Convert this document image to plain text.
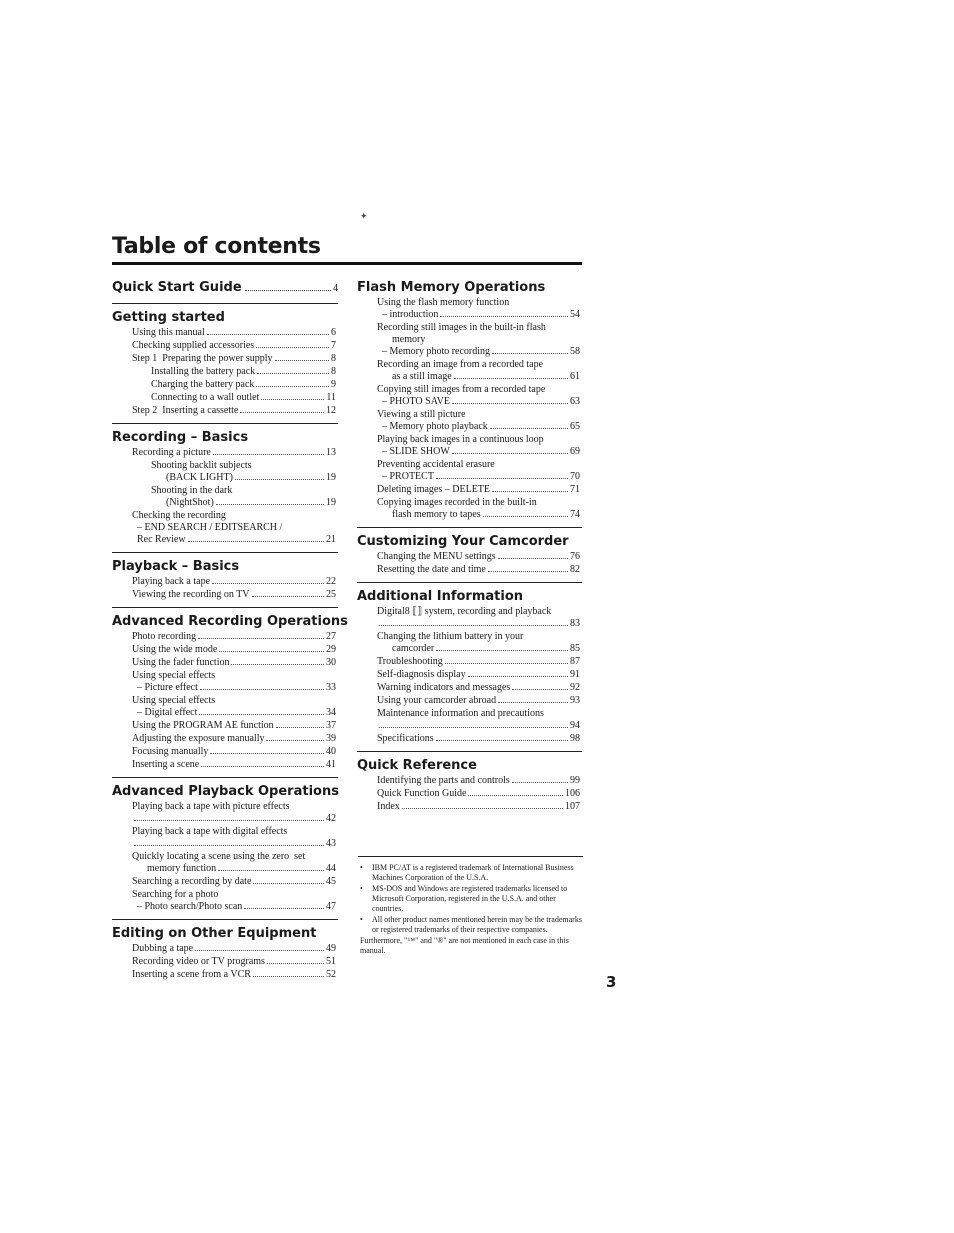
Table of contents
Quick Start Guide	4
Getting started
Using this manual	6
Checking supplied accessories	7
Step 1  Preparing the power supply	8
Installing the battery pack	8
Charging the battery pack	9
Connecting to a wall outlet	11
Step 2  Inserting a cassette	12
Recording – Basics
Recording a picture	13
Shooting backlit subjects
(BACK LIGHT)	19
Shooting in the dark
(NightShot)	19
Checking the recording
– END SEARCH / EDITSEARCH /
Rec Review	21
Playback – Basics
Playing back a tape	22
Viewing the recording on TV	25
Advanced Recording Operations
Photo recording	27
Using the wide mode	29
Using the fader function	30
Using special effects
– Picture effect	33
Using special effects
– Digital effect	34
Using the PROGRAM AE function	37
Adjusting the exposure manually	39
Focusing manually	40
Inserting a scene	41
Advanced Playback Operations
Playing back a tape with picture effects
42
Playing back a tape with digital effects
43
Quickly locating a scene using the zero  set
memory function	44
Searching a recording by date	45
Searching for a photo
– Photo search/Photo scan	47
Editing on Other Equipment
Dubbing a tape	49
Recording video or TV programs	51
Inserting a scene from a VCR	52
Flash Memory Operations
Using the flash memory function
– introduction	54
Recording still images in the built-in flash
memory
– Memory photo recording	58
Recording an image from a recorded tape
as a still image	61
Copying still images from a recorded tape
– PHOTO SAVE	63
Viewing a still picture
– Memory photo playback	65
Playing back images in a continuous loop
– SLIDE SHOW	69
Preventing accidental erasure
– PROTECT	70
Deleting images – DELETE	71
Copying images recorded in the built-in
flash memory to tapes	74
Customizing Your Camcorder
Changing the MENU settings	76
Resetting the date and time	82
Additional Information
Digital8 ⟦⟧ system, recording and playback
83
Changing the lithium battery in your
camcorder	85
Troubleshooting	87
Self-diagnosis display	91
Warning indicators and messages	92
Using your camcorder abroad	93
Maintenance information and precautions
94
Specifications	98
Quick Reference
Identifying the parts and controls	99
Quick Function Guide	106
Index	107
•	IBM PC/AT is a registered trademark of International Business Machines Corporation of the U.S.A.
•	MS-DOS and Windows are registered trademarks licensed to Microsoft Corporation, registered in the U.S.A. and other countries.
•	All other product names mentioned herein may be the trademarks or registered trademarks of their respective companies.
Furthermore, "™" and "®" are not mentioned in each case in this manual.
3
✦
